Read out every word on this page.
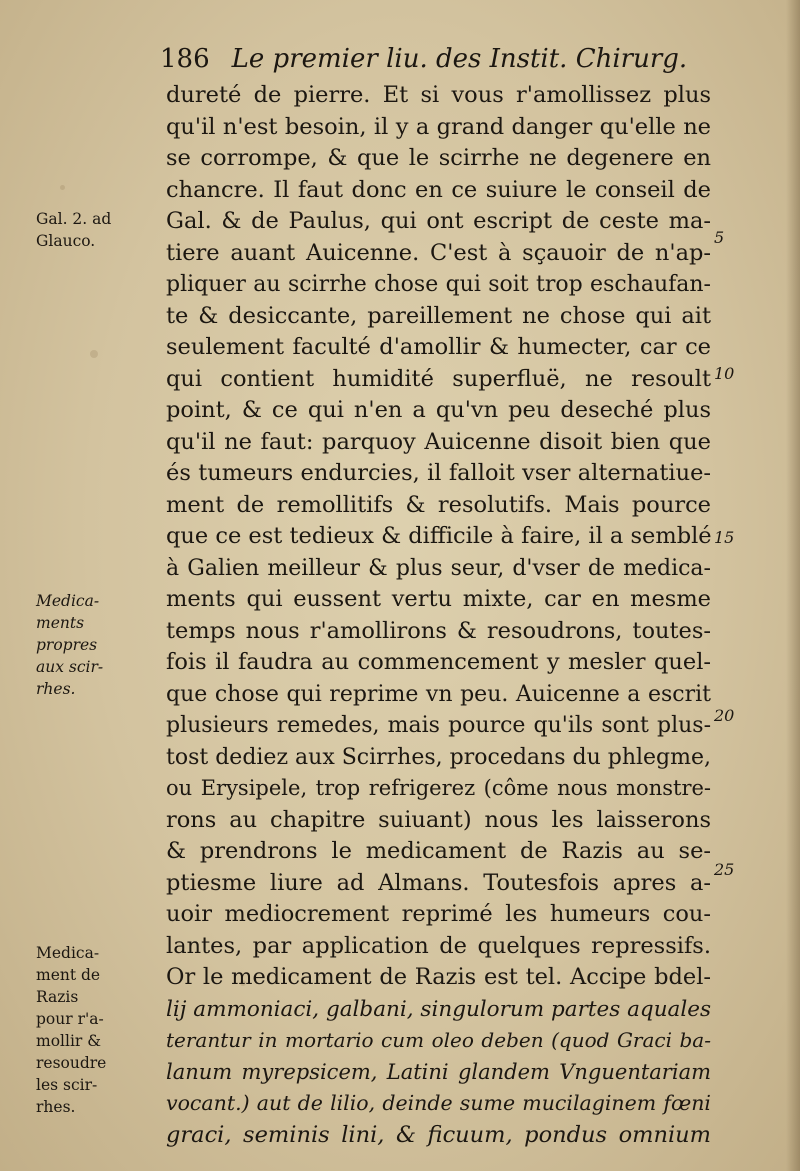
186 Le premier liu. des Instit. Chirurg.
dureté de pierre. Et si vous r'amollissez plus
qu'il n'est besoin, il y a grand danger qu'elle ne
se corrompe, & que le scirrhe ne degenere en
chancre. Il faut donc en ce suiure le conseil de
Gal. & de Paulus, qui ont escript de ceste ma-
tiere auant Auicenne. C'est à sçauoir de n'ap-
pliquer au scirrhe chose qui soit trop eschaufan-
te & desiccante, pareillement ne chose qui ait
seulement faculté d'amollir & humecter, car ce
qui contient humidité superfluë, ne resoult
point, & ce qui n'en a qu'vn peu deseché plus
qu'il ne faut: parquoy Auicenne disoit bien que
és tumeurs endurcies, il falloit vser alternatiue-
ment de remollitifs & resolutifs. Mais pource
que ce est tedieux & difficile à faire, il a semblé
à Galien meilleur & plus seur, d'vser de medica-
ments qui eussent vertu mixte, car en mesme
temps nous r'amollirons & resoudrons, toutes-
fois il faudra au commencement y mesler quel-
que chose qui reprime vn peu. Auicenne a escrit
plusieurs remedes, mais pource qu'ils sont plus-
tost dediez aux Scirrhes, procedans du phlegme,
ou Erysipele, trop refrigerez (côme nous monstre-
rons au chapitre suiuant) nous les laisserons
& prendrons le medicament de Razis au se-
ptiesme liure ad Almans. Toutesfois apres a-
uoir mediocrement reprimé les humeurs cou-
lantes, par application de quelques repressifs.
Or le medicament de Razis est tel. Accipe bdel-
lij ammoniaci, galbani, singulorum partes aquales
terantur in mortario cum oleo deben (quod Graci ba-
lanum myrepsicem, Latini glandem Vnguentariam
vocant.) aut de lilio, deinde sume mucilaginem fœni
graci, seminis lini, & ficuum, pondus omnium
Gal. 2. ad
Glauco.
Medica-
ments
propres
aux scir-
rhes.
Medica-
ment de
Razis
pour r'a-
mollir &
resoudre
les scir-
rhes.
5
10
15
20
25
